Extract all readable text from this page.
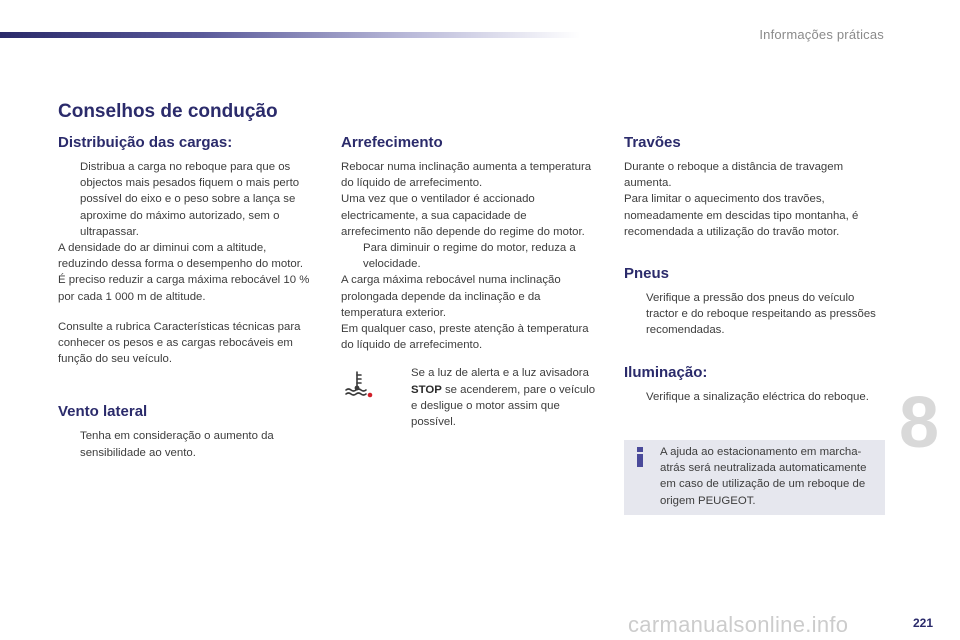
Informações práticas
Conselhos de condução
Distribuição das cargas:
Distribua a carga no reboque para que os objectos mais pesados fiquem o mais perto possível do eixo e o peso sobre a lança se aproxime do máximo autorizado, sem o ultrapassar.

A densidade do ar diminui com a altitude, reduzindo dessa forma o desempenho do motor. É preciso reduzir a carga máxima rebocável 10 % por cada 1 000 m de altitude.

Consulte a rubrica Características técnicas para conhecer os pesos e as cargas rebocáveis em função do seu veículo.

Vento lateral
Tenha em consideração o aumento da sensibilidade ao vento.
Arrefecimento

Rebocar numa inclinação aumenta a temperatura do líquido de arrefecimento.

Uma vez que o ventilador é accionado electricamente, a sua capacidade de arrefecimento não depende do regime do motor.

Para diminuir o regime do motor, reduza a velocidade.

A carga máxima rebocável numa inclinação prolongada depende da inclinação e da temperatura exterior.

Em qualquer caso, preste atenção à temperatura do líquido de arrefecimento.

Se a luz de alerta e a luz avisadora STOP se acenderem, pare o veículo e desligue o motor assim que possível.
Travões

Durante o reboque a distância de travagem aumenta.

Para limitar o aquecimento dos travões, nomeadamente em descidas tipo montanha, é recomendada a utilização do travão motor.

Pneus
Verifique a pressão dos pneus do veículo tractor e do reboque respeitando as pressões recomendadas.
Iluminação:
Verifique a sinalização eléctrica do reboque.
A ajuda ao estacionamento em marcha-atrás será neutralizada automaticamente em caso de utilização de um reboque de origem PEUGEOT.
8
carmanualsonline.info	221
